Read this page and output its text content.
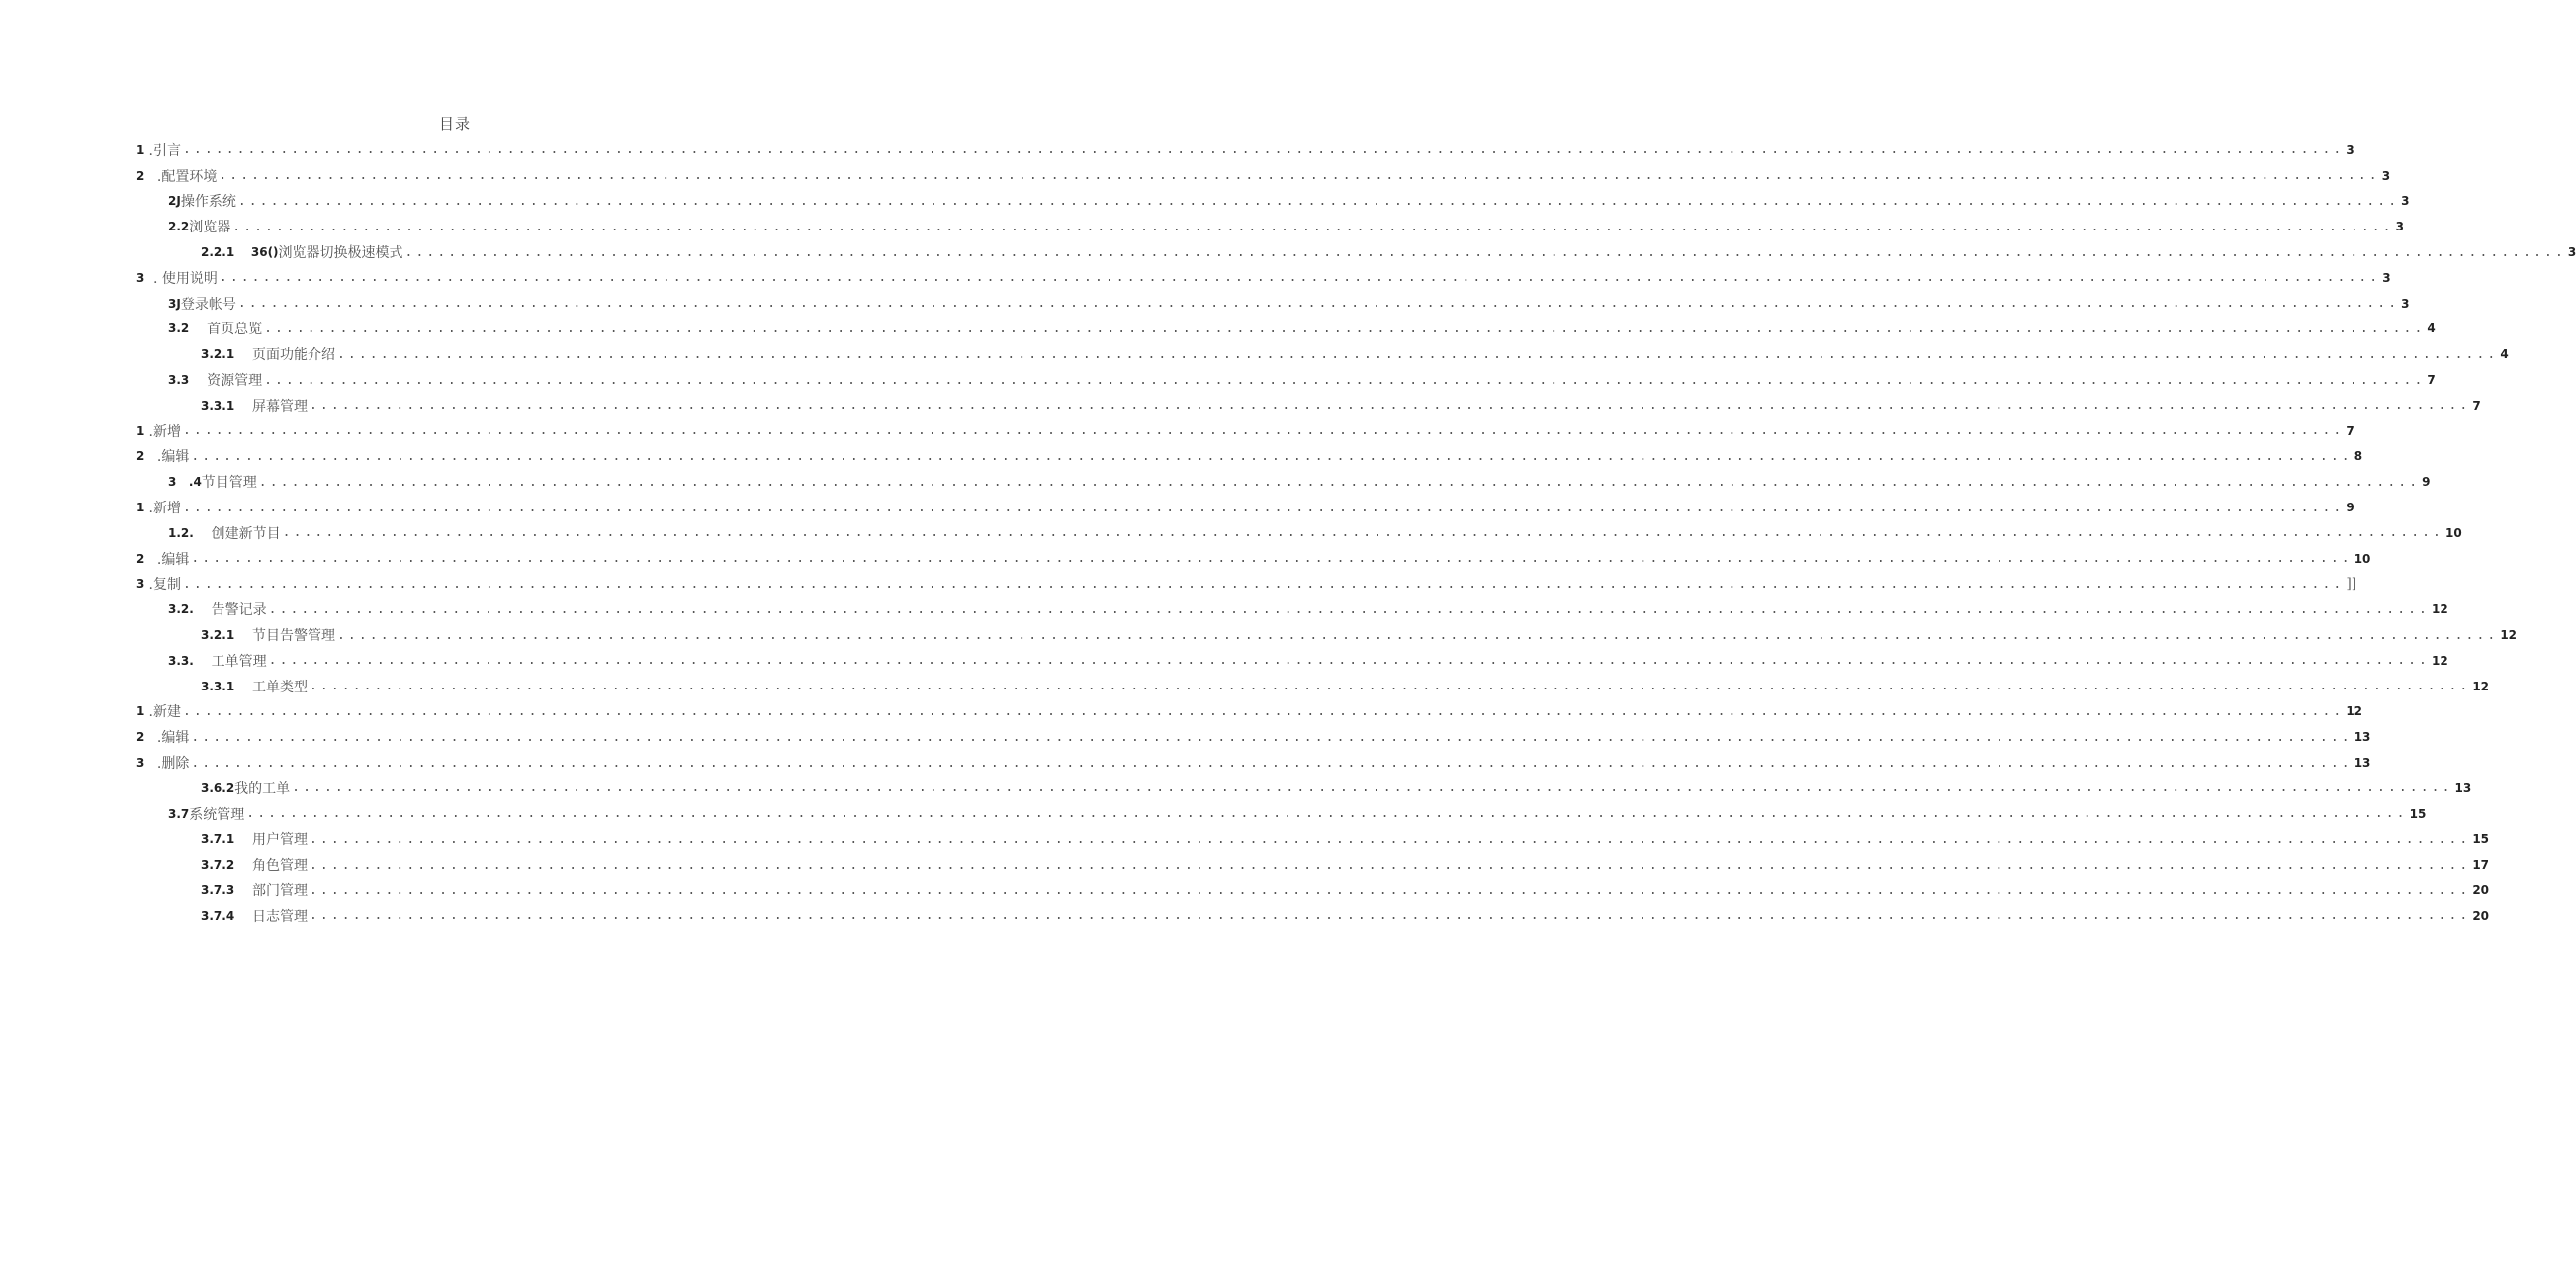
目录
1 .引言 ........................................................................................................................................................................................................ 3
2 .配置环境 ........................................................................................................................................................................................................ 3
2J 操作系统 ........................................................................................................................................................................................................ 3
2.2 浏览器 ........................................................................................................................................................................................................ 3
2.2.1    36() 浏览器切换极速模式 ........................................................................................................................................................................................................ 3
3 . 使用说明 ........................................................................................................................................................................................................ 3
3J 登录帐号 ........................................................................................................................................................................................................ 3
3.2 首页总览 ........................................................................................................................................................................................................ 4
3.2.1 页面功能介绍 ........................................................................................................................................................................................................ 4
3.3 资源管理 ........................................................................................................................................................................................................ 7
3.3.1 屏幕管理 ........................................................................................................................................................................................................ 7
1 .新增 ........................................................................................................................................................................................................ 7
2 .编辑 ........................................................................................................................................................................................................ 8
3   .4 节目管理 ........................................................................................................................................................................................................ 9
1 .新增 ........................................................................................................................................................................................................ 9
1.2. 创建新节目 ........................................................................................................................................................................................................ 10
2 .编辑 ........................................................................................................................................................................................................ 10
3 .复制 ........................................................................................................................................................................................................ ]]
3.2. 告警记录 ........................................................................................................................................................................................................ 12
3.2.1 节目告警管理 ........................................................................................................................................................................................................ 12
3.3. 工单管理 ........................................................................................................................................................................................................ 12
3.3.1 工单类型 ........................................................................................................................................................................................................ 12
1 .新建 ........................................................................................................................................................................................................ 12
2 .编辑 ........................................................................................................................................................................................................ 13
3 .删除 ........................................................................................................................................................................................................ 13
3.6.2 我的工单 ........................................................................................................................................................................................................ 13
3.7 系统管理 ........................................................................................................................................................................................................ 15
3.7.1 用户管理 ........................................................................................................................................................................................................ 15
3.7.2 角色管理 ........................................................................................................................................................................................................ 17
3.7.3 部门管理 ........................................................................................................................................................................................................ 20
3.7.4 日志管理 ........................................................................................................................................................................................................ 20
